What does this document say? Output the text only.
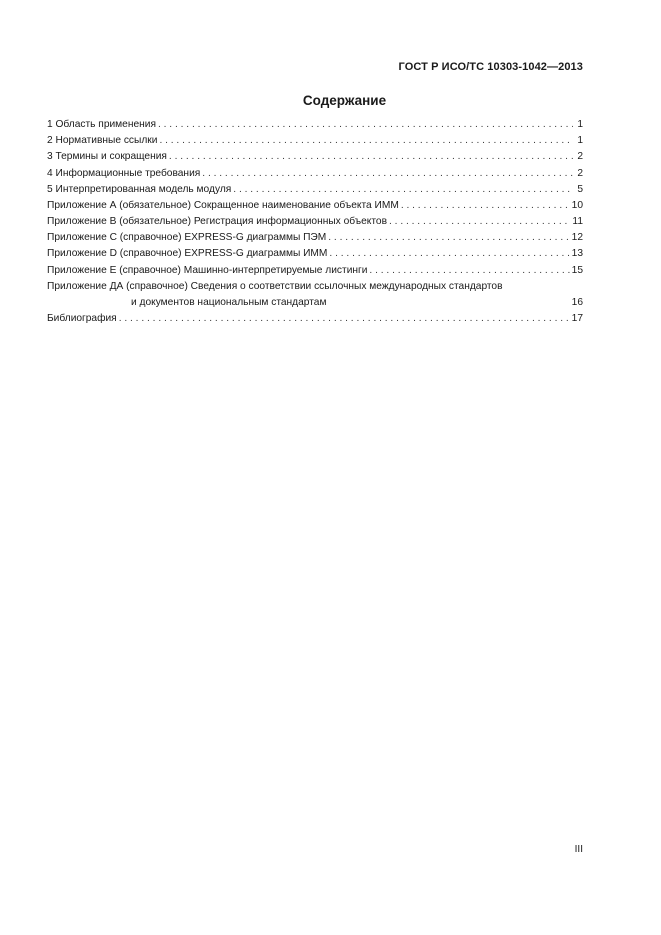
ГОСТ Р ИСО/ТС 10303-1042—2013
Содержание
1 Область применения . . .	1
2 Нормативные ссылки . . .	1
3 Термины и сокращения . . .	2
4 Информационные требования . . .	2
5 Интерпретированная модель модуля . . .	5
Приложение А (обязательное) Сокращенное наименование объекта ИММ . . .	10
Приложение В (обязательное) Регистрация информационных объектов . . .	11
Приложение С (справочное) EXPRESS-G диаграммы ПЭМ . . .	12
Приложение D (справочное) EXPRESS-G диаграммы ИММ . . .	13
Приложение Е (справочное) Машинно-интерпретируемые листинги . . .	15
Приложение ДА (справочное) Сведения о соответствии ссылочных международных стандартов
и документов национальным стандартам	16
Библиография . . .	17
III
